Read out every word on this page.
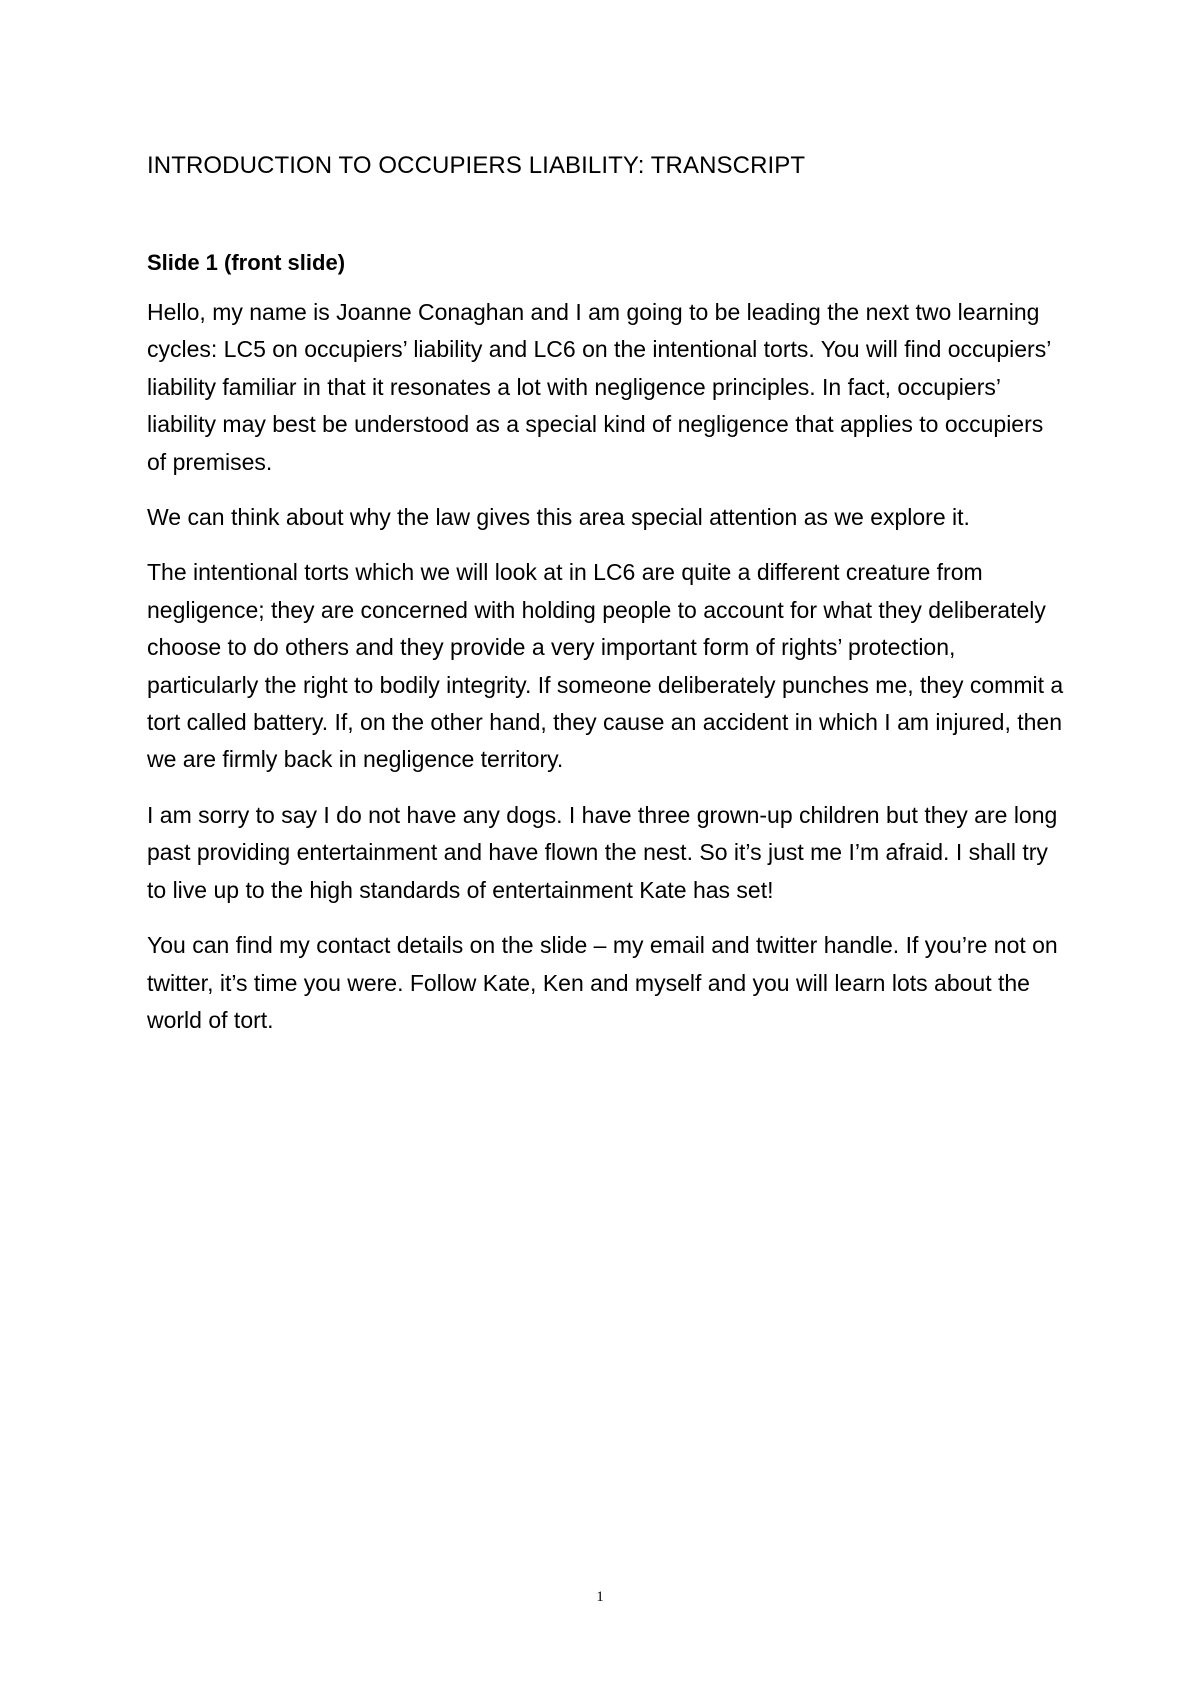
INTRODUCTION TO OCCUPIERS LIABILITY: TRANSCRIPT
Slide 1 (front slide)

Hello, my name is Joanne Conaghan and I am going to be leading the next two learning cycles: LC5 on occupiers’ liability and LC6 on the intentional torts. You will find occupiers’ liability familiar in that it resonates a lot with negligence principles. In fact, occupiers’ liability may best be understood as a special kind of negligence that applies to occupiers of premises.

We can think about why the law gives this area special attention as we explore it.

The intentional torts which we will look at in LC6 are quite a different creature from negligence; they are concerned with holding people to account for what they deliberately choose to do others and they provide a very important form of rights’ protection, particularly the right to bodily integrity. If someone deliberately punches me, they commit a tort called battery. If, on the other hand, they cause an accident in which I am injured, then we are firmly back in negligence territory.

I am sorry to say I do not have any dogs. I have three grown-up children but they are long past providing entertainment and have flown the nest. So it’s just me I’m afraid. I shall try to live up to the high standards of entertainment Kate has set!

You can find my contact details on the slide – my email and twitter handle. If you’re not on twitter, it’s time you were. Follow Kate, Ken and myself and you will learn lots about the world of tort.

1
